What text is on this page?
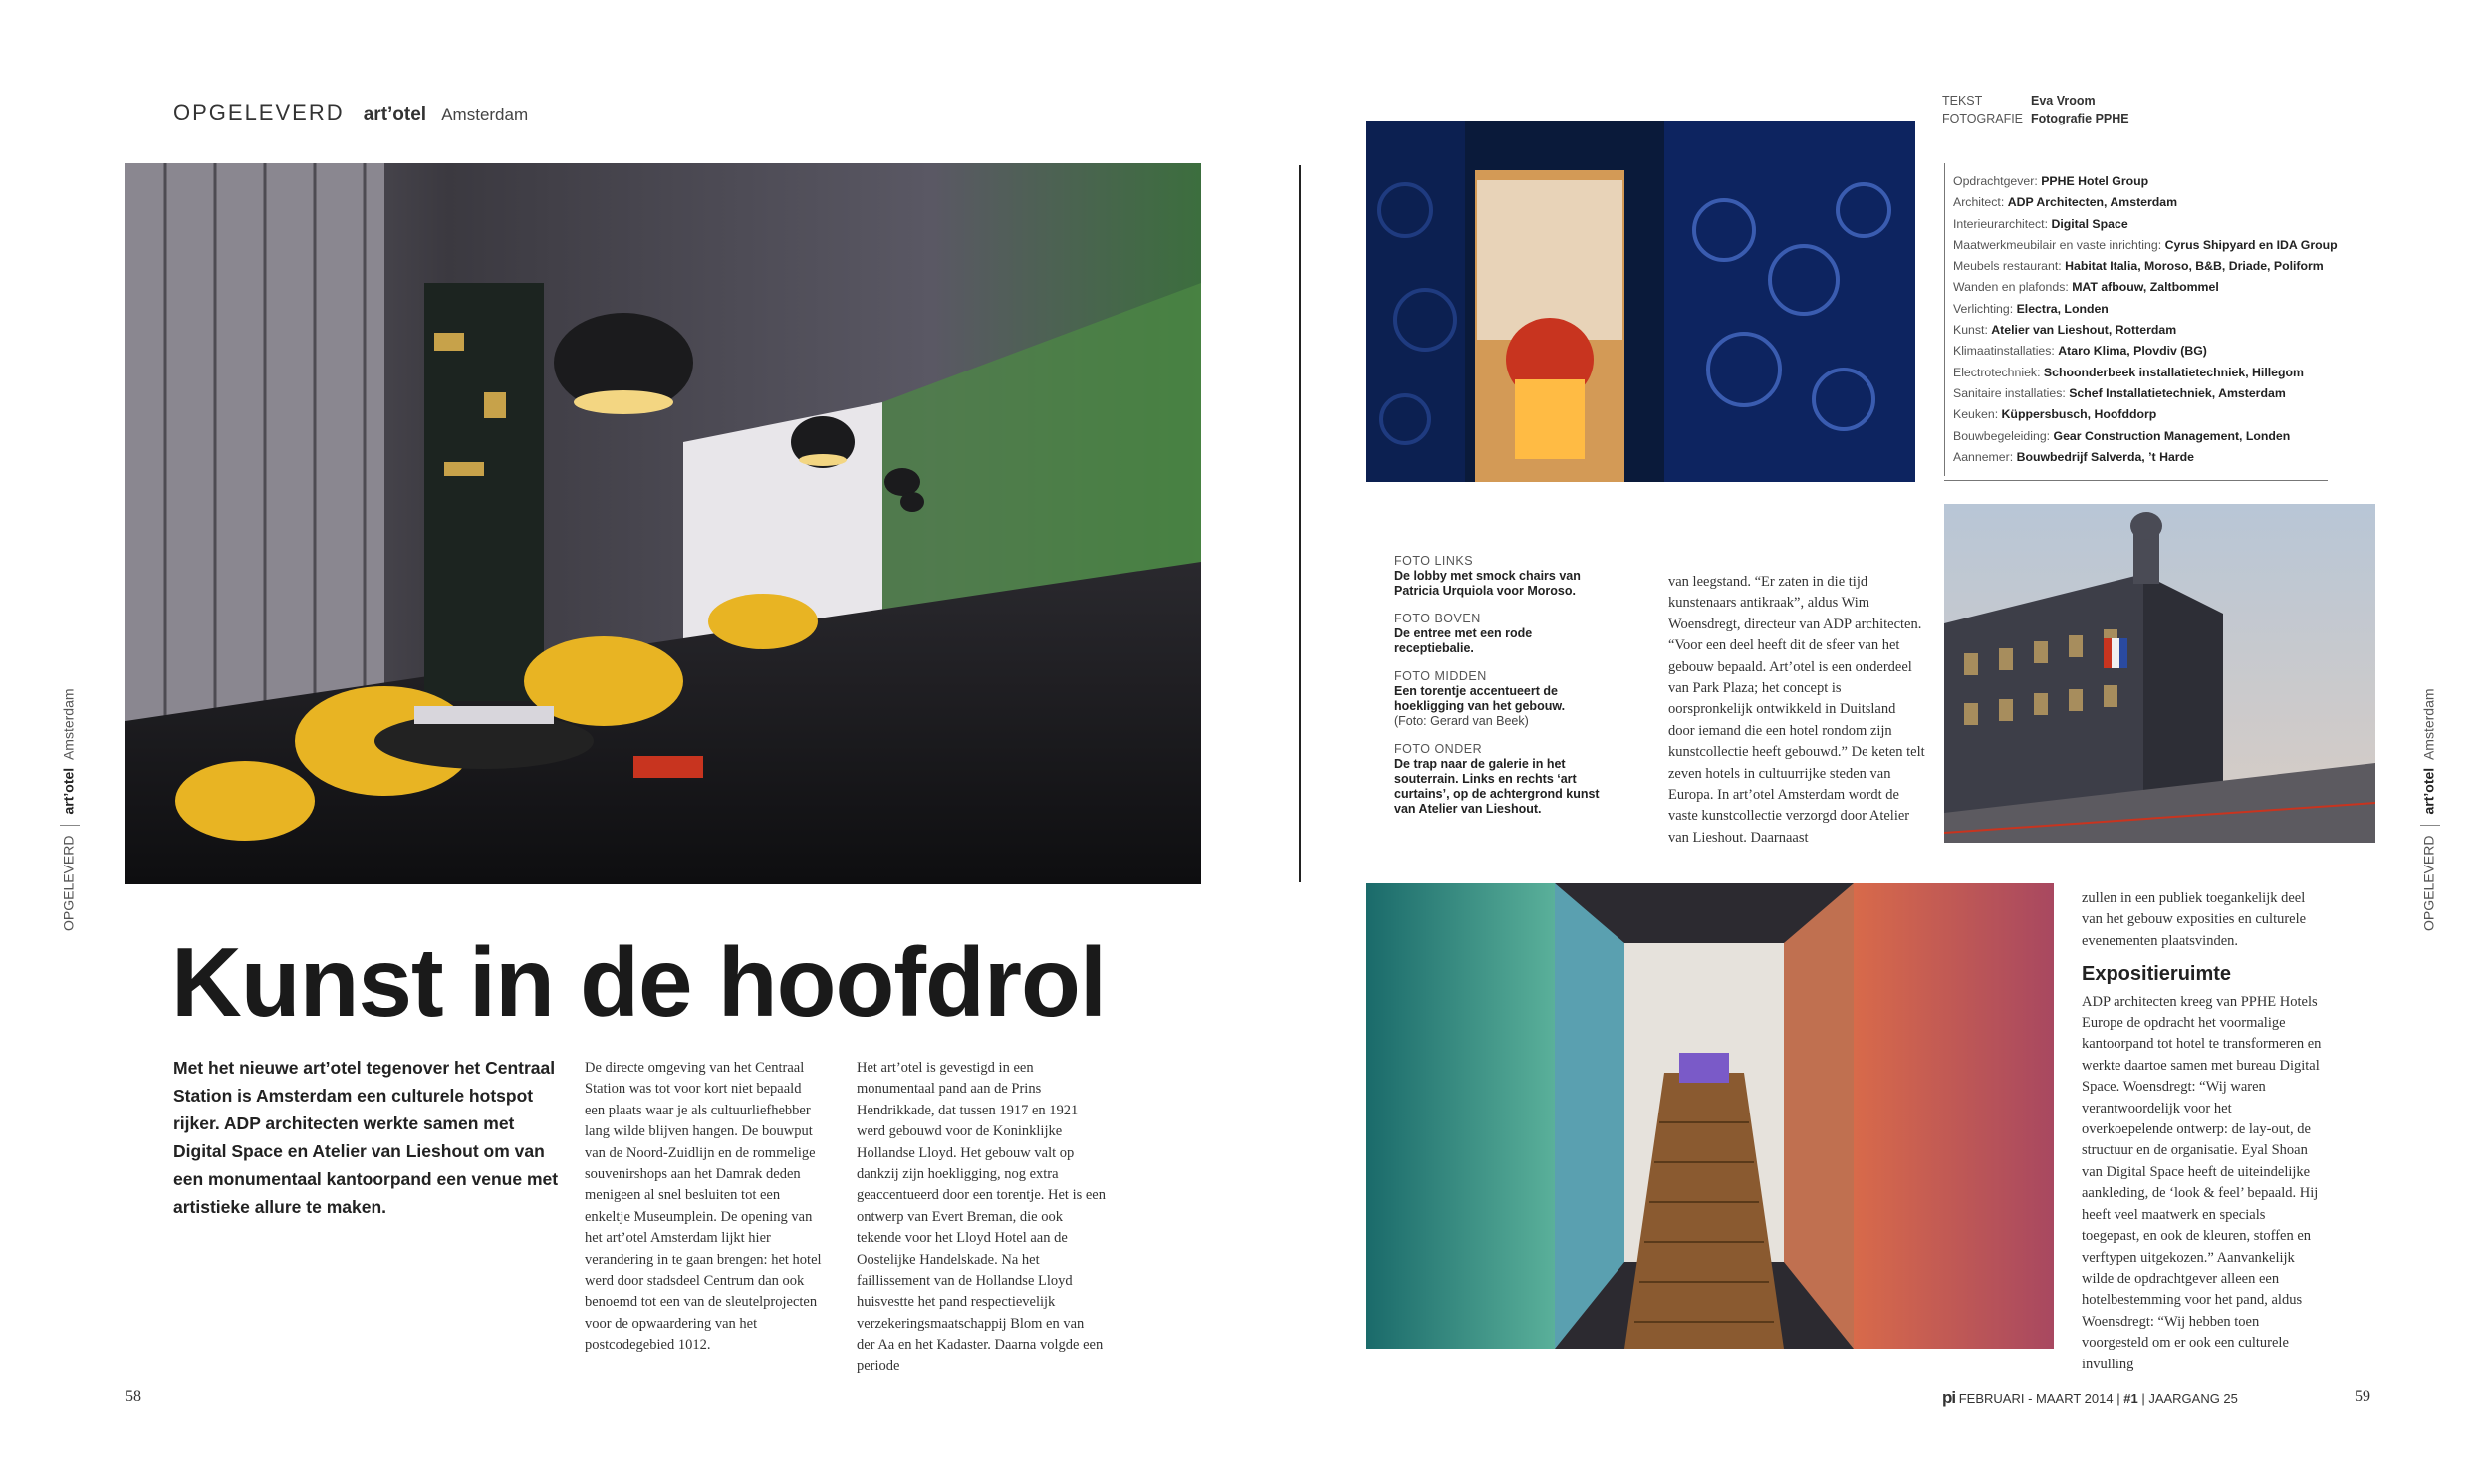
OPGELEVERD art’otel Amsterdam
OPGELEVERDart’otel  Amsterdam
OPGELEVERDart’otel  Amsterdam
Kunst in de hoofdrol
Met het nieuwe art’otel tegenover het Centraal Station is Amsterdam een culturele hotspot rijker. ADP architecten werkte samen met Digital Space en Atelier van Lieshout om van een monumentaal kantoorpand een venue met artistieke allure te maken.
De directe omgeving van het Centraal Station was tot voor kort niet bepaald een plaats waar je als cultuurliefhebber lang wilde blijven hangen. De bouwput van de Noord-Zuidlijn en de rommelige souvenirshops aan het Damrak deden menigeen al snel besluiten tot een enkeltje Museumplein. De opening van het art’otel Amsterdam lijkt hier verandering in te gaan brengen: het hotel werd door stadsdeel Centrum dan ook benoemd tot een van de sleutelprojecten voor de opwaardering van het postcodegebied 1012.
Het art’otel is gevestigd in een monumentaal pand aan de Prins Hendrikkade, dat tussen 1917 en 1921 werd gebouwd voor de Koninklijke Hollandse Lloyd. Het gebouw valt op dankzij zijn hoekligging, nog extra geaccentueerd door een torentje. Het is een ontwerp van Evert Breman, die ook tekende voor het Lloyd Hotel aan de Oostelijke Handelskade. Na het faillissement van de Hollandse Lloyd huisvestte het pand respectievelijk verzekeringsmaatschappij Blom en van der Aa en het Kadaster. Daarna volgde een periode
TEKST	Eva Vroom
FOTOGRAFIE Fotografie PPHE
Opdrachtgever: PPHE Hotel Group
Architect: ADP Architecten, Amsterdam
Interieurarchitect: Digital Space
Maatwerkmeubilair en vaste inrichting: Cyrus Shipyard en IDA Group
Meubels restaurant: Habitat Italia, Moroso, B&B, Driade, Poliform
Wanden en plafonds: MAT afbouw, Zaltbommel
Verlichting: Electra, Londen
Kunst: Atelier van Lieshout, Rotterdam
Klimaatinstallaties: Ataro Klima, Plovdiv (BG)
Electrotechniek: Schoonderbeek installatietechniek, Hillegom
Sanitaire installaties: Schef Installatietechniek, Amsterdam
Keuken: Küppersbusch, Hoofddorp
Bouwbegeleiding: Gear Construction Management, Londen
Aannemer: Bouwbedrijf Salverda, ’t Harde
FOTO LINKS
De lobby met smock chairs van Patricia Urquiola voor Moroso.
FOTO BOVEN
De entree met een rode receptiebalie.
FOTO MIDDEN
Een torentje accentueert de hoekligging van het gebouw.
(Foto: Gerard van Beek)
FOTO ONDER
De trap naar de galerie in het souterrain. Links en rechts ‘art curtains’, op de achtergrond kunst van Atelier van Lieshout.
van leegstand. “Er zaten in die tijd kunstenaars antikraak”, aldus Wim Woensdregt, directeur van ADP architecten. “Voor een deel heeft dit de sfeer van het gebouw bepaald. Art’otel is een onderdeel van Park Plaza; het concept is oorspronkelijk ontwikkeld in Duitsland door iemand die een hotel rondom zijn kunstcollectie heeft gebouwd.” De keten telt zeven hotels in cultuurrijke steden van Europa. In art’otel Amsterdam wordt de vaste kunstcollectie verzorgd door Atelier van Lieshout. Daarnaast
zullen in een publiek toegankelijk deel van het gebouw exposities en culturele evenementen plaatsvinden.
Expositieruimte
ADP architecten kreeg van PPHE Hotels Europe de opdracht het voormalige kantoorpand tot hotel te transformeren en werkte daartoe samen met bureau Digital Space. Woensdregt: “Wij waren verantwoordelijk voor het overkoepelende ontwerp: de lay-out, de structuur en de organisatie. Eyal Shoan van Digital Space heeft de uiteindelijke aankleding, de ‘look & feel’ bepaald. Hij heeft veel maatwerk en specials toegepast, en ook de kleuren, stoffen en verftypen uitgekozen.” Aanvankelijk wilde de opdrachtgever alleen een hotelbestemming voor het pand, aldus Woensdregt: “Wij hebben toen voorgesteld om er ook een culturele invulling
58	59
pi FEBRUARI - MAART 2014 | #1 | JAARGANG 25
